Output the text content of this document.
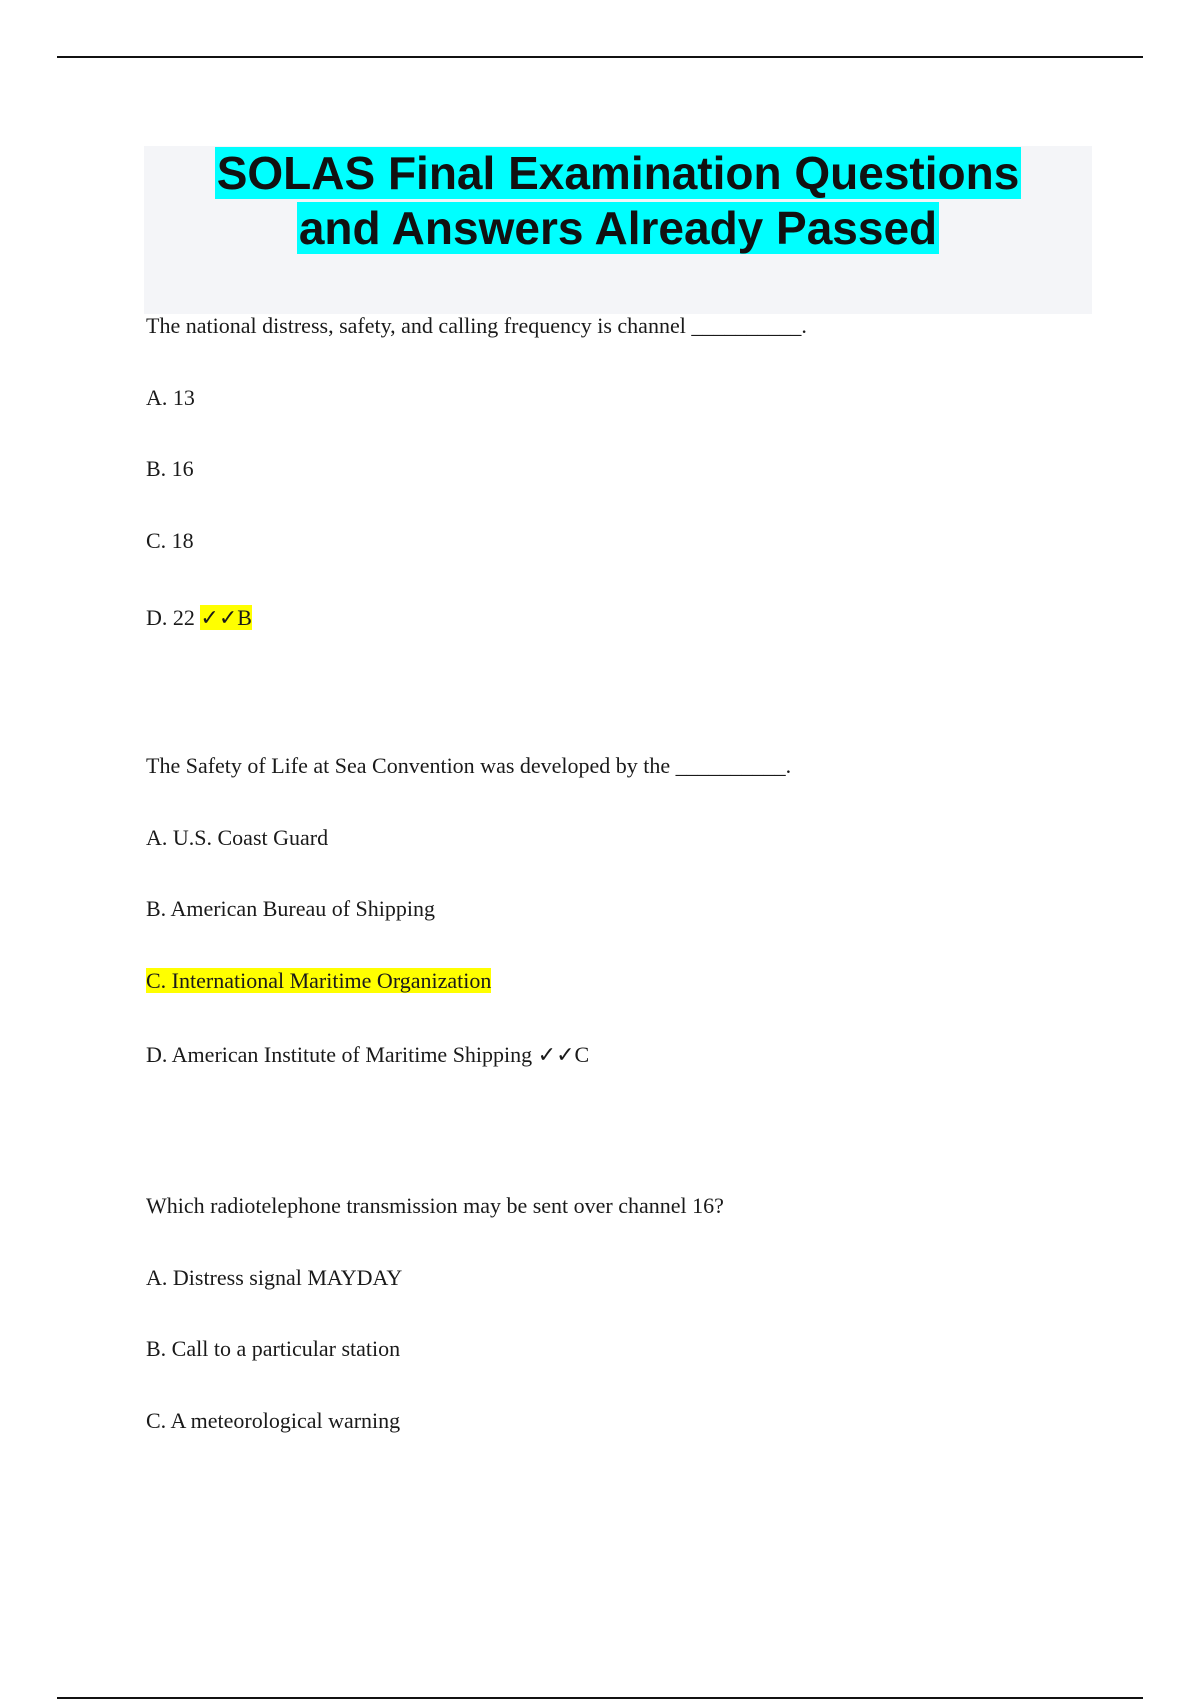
SOLAS Final Examination Questions
and Answers Already Passed
The national distress, safety, and calling frequency is channel __________.
A. 13
B. 16
C. 18
D. 22 ✓✓B
The Safety of Life at Sea Convention was developed by the __________.
A. U.S. Coast Guard
B. American Bureau of Shipping
C. International Maritime Organization
D. American Institute of Maritime Shipping ✓✓C
Which radiotelephone transmission may be sent over channel 16?
A. Distress signal MAYDAY
B. Call to a particular station
C. A meteorological warning
